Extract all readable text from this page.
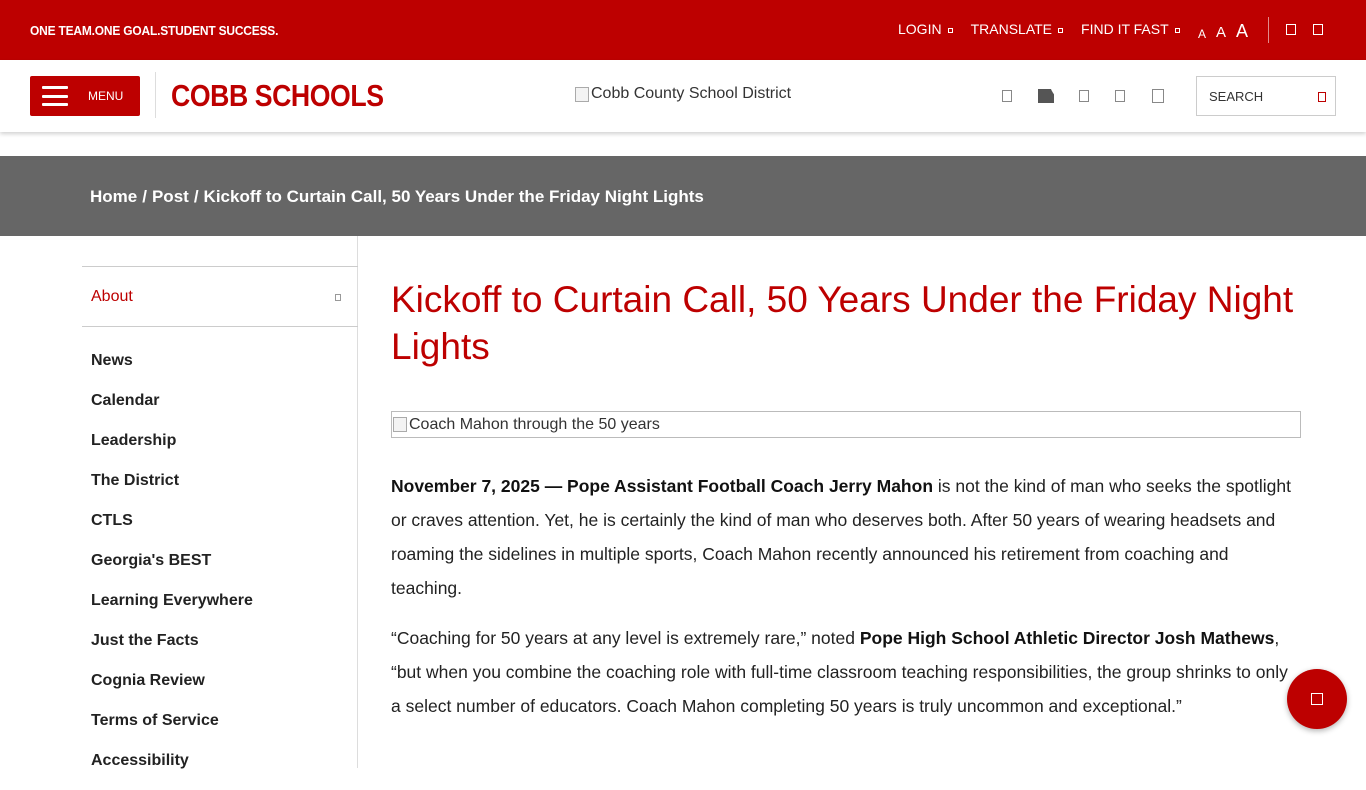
ONE TEAM.ONE GOAL.STUDENT SUCCESS.	LOGIN TRANSLATE FIND IT FAST A A A
MENU COBB SCHOOLS	Cobb County School District	SEARCH
Home / Post / Kickoff to Curtain Call, 50 Years Under the Friday Night Lights
About
News
Calendar
Leadership
The District
CTLS
Georgia's BEST
Learning Everywhere
Just the Facts
Cognia Review
Terms of Service
Accessibility
Kickoff to Curtain Call, 50 Years Under the Friday Night Lights
Coach Mahon through the 50 years

November 7, 2025 — Pope Assistant Football Coach Jerry Mahon is not the kind of man who seeks the spotlight or craves attention. Yet, he is certainly the kind of man who deserves both. After 50 years of wearing headsets and roaming the sidelines in multiple sports, Coach Mahon recently announced his retirement from coaching and teaching.

“Coaching for 50 years at any level is extremely rare,” noted Pope High School Athletic Director Josh Mathews, “but when you combine the coaching role with full-time classroom teaching responsibilities, the group shrinks to only a select number of educators. Coach Mahon completing 50 years is truly uncommon and exceptional.”
